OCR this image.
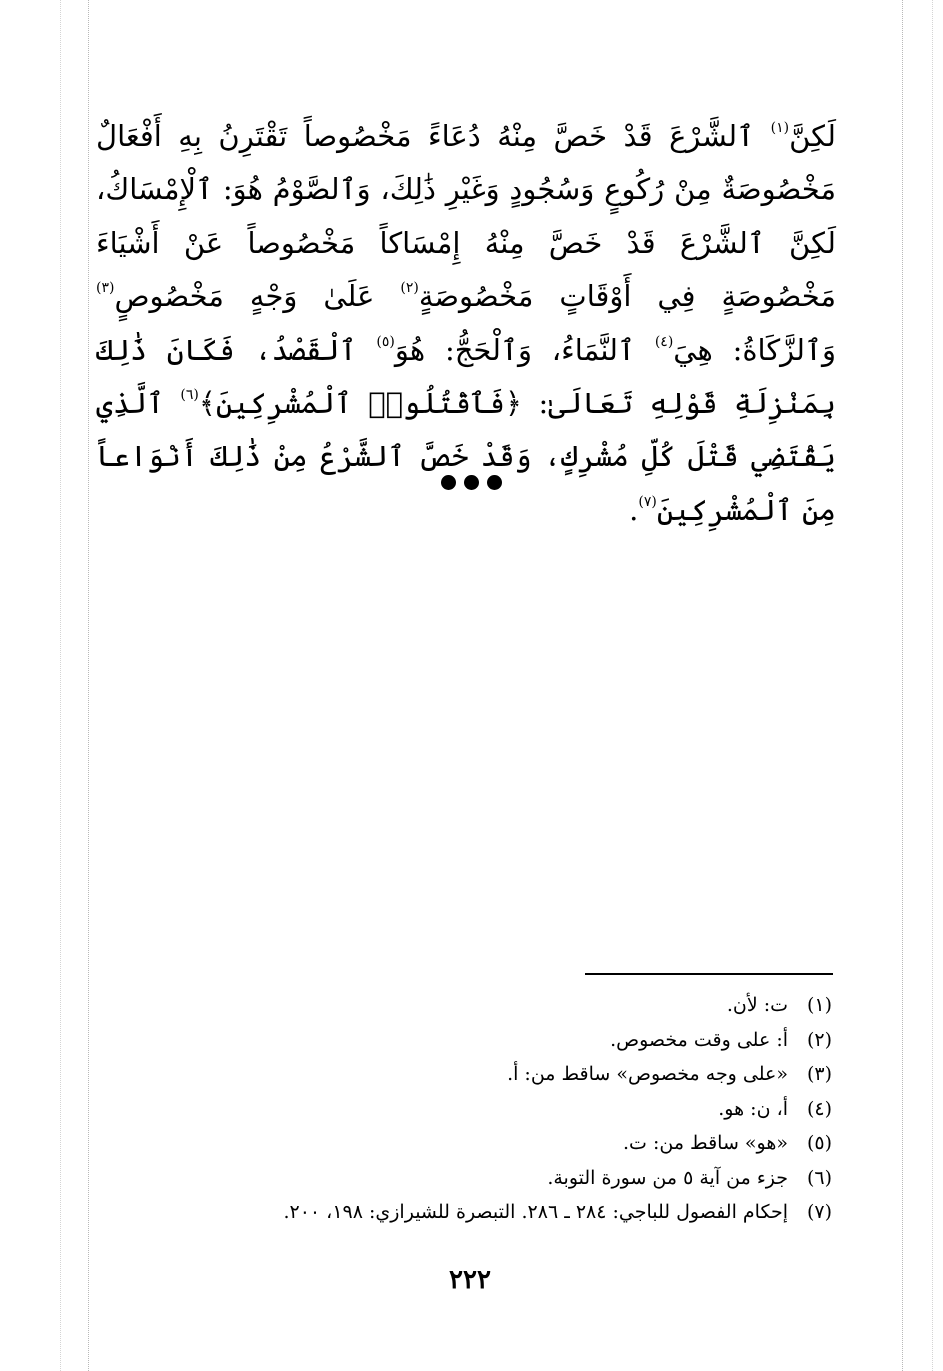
لَكِنَّ$^{(١)}$ ٱلشَّرْعَ قَدْ خَصَّ مِنْهُ دُعَاءً مَخْصُوصاً تَقْتَرِنُ بِهِ أَفْعَالٌ مَخْصُوصَةٌ مِنْ رُكُوعٍ وَسُجُودٍ وَغَيْرِ ذَٰلِكَ، وَٱلصَّوْمُ هُوَ: ٱلْإِمْسَاكُ، لَكِنَّ ٱلشَّرْعَ قَدْ خَصَّ مِنْهُ إِمْسَاكاً مَخْصُوصاً عَنْ أَشْيَاءَ مَخْصُوصَةٍ فِي أَوْقَاتٍ مَخْصُوصَةٍ$^{(٢)}$ عَلَىٰ وَجْهٍ مَخْصُوصٍ$^{(٣)}$ وَٱلزَّكَاةُ: هِيَ$^{(٤)}$ ٱلنَّمَاءُ، وَٱلْحَجُّ: هُوَ$^{(٥)}$ ٱلْقَصْدُ، فَكَانَ ذَٰلِكَ بِمَنْزِلَةِ قَوْلِهِ تَعَالَىٰ: ﴿فَٱقْتُلُوا۟ ٱلْمُشْرِكِينَ﴾$^{(٦)}$ ٱلَّذِي يَقْتَضِي قَتْلَ كُلِّ مُشْرِكٍ، وَقَدْ خَصَّ ٱلشَّرْعُ مِنْ ذَٰلِكَ أَنْوَاعاً مِنَ ٱلْمُشْرِكِينَ$^{(٧)}$.

(١)
ت: لأن.
(٢)
أ: على وقت مخصوص.
(٣)
«على وجه مخصوص» ساقط من: أ.
(٤)
أ، ن: هو.
(٥)
«هو» ساقط من: ت.
(٦)
جزء من آية ٥ من سورة التوبة.
(٧)
إحكام الفصول للباجي: ٢٨٤ ـ ٢٨٦. التبصرة للشيرازي: ١٩٨، ٢٠٠.
٢٢٢
